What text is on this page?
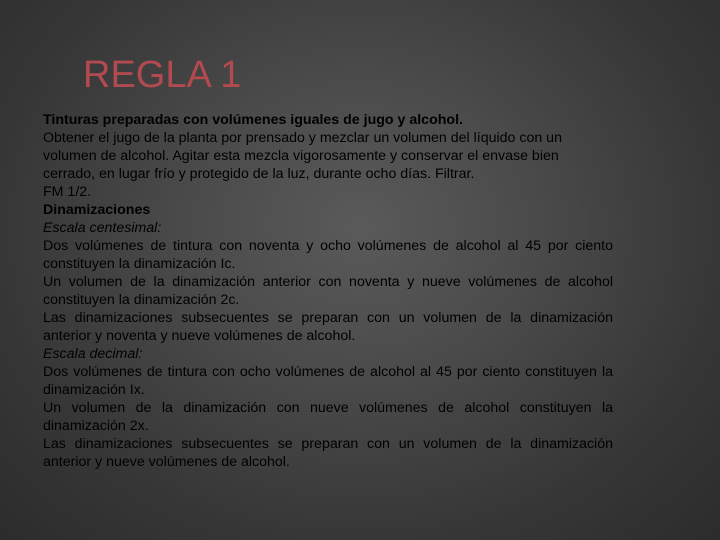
REGLA 1

Tinturas preparadas con volúmenes iguales de jugo y alcohol.

Obtener el jugo de la planta por prensado y mezclar un volumen del líquido con un volumen de alcohol. Agitar esta mezcla vigorosamente y conservar el envase bien cerrado, en lugar frío y protegido de la luz, durante ocho días. Filtrar.

FM 1/2.

Dinamizaciones

Escala centesimal:

Dos volúmenes de tintura con noventa y ocho volúmenes de alcohol al 45 por ciento constituyen la dinamización Ic.

Un volumen de la dinamización anterior con noventa y nueve volúmenes de alcohol constituyen la dinamización 2c.

Las dinamizaciones subsecuentes se preparan con un volumen de la dinamización anterior y noventa y nueve volúmenes de alcohol.

Escala decimal:

Dos volúmenes de tintura con ocho volúmenes de alcohol al 45 por ciento constituyen la dinamización Ix.

Un volumen de la dinamización con nueve volúmenes de alcohol constituyen la dinamización 2x.

Las dinamizaciones subsecuentes se preparan con un volumen de la dinamización anterior y nueve volúmenes de alcohol.
